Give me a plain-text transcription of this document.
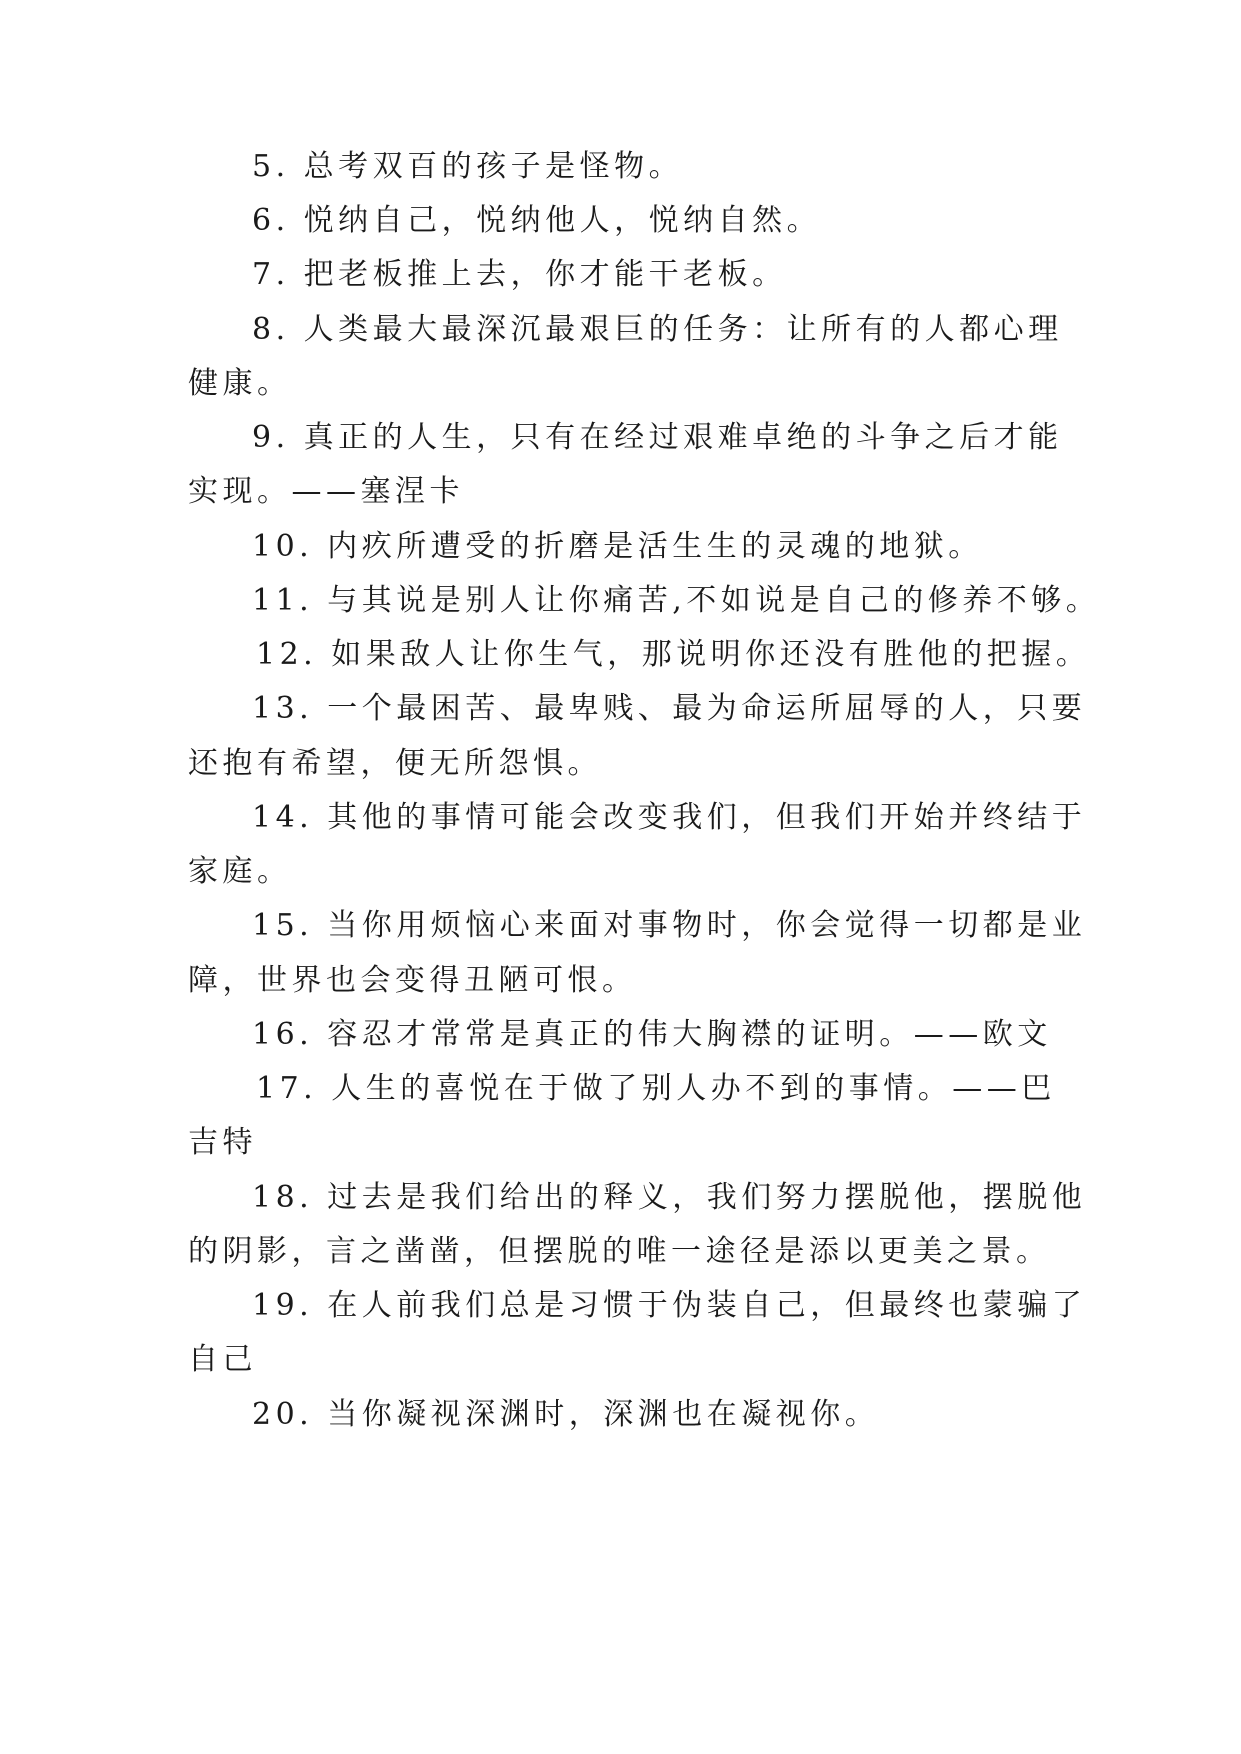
5. 总考双百的孩子是怪物。
6. 悦纳自己，悦纳他人，悦纳自然。
7. 把老板推上去，你才能干老板。
8. 人类最大最深沉最艰巨的任务：让所有的人都心理
健康。
9. 真正的人生，只有在经过艰难卓绝的斗争之后才能
实现。——塞涅卡
10. 内疚所遭受的折磨是活生生的灵魂的地狱。
11. 与其说是别人让你痛苦,不如说是自己的修养不够。
12. 如果敌人让你生气，那说明你还没有胜他的把握。
13. 一个最困苦、最卑贱、最为命运所屈辱的人，只要
还抱有希望，便无所怨惧。
14. 其他的事情可能会改变我们，但我们开始并终结于
家庭。
15. 当你用烦恼心来面对事物时，你会觉得一切都是业
障，世界也会变得丑陋可恨。
16. 容忍才常常是真正的伟大胸襟的证明。——欧文
17. 人生的喜悦在于做了别人办不到的事情。——巴
吉特
18. 过去是我们给出的释义，我们努力摆脱他，摆脱他
的阴影，言之凿凿，但摆脱的唯一途径是添以更美之景。
19. 在人前我们总是习惯于伪装自己，但最终也蒙骗了
自己
20. 当你凝视深渊时，深渊也在凝视你。
